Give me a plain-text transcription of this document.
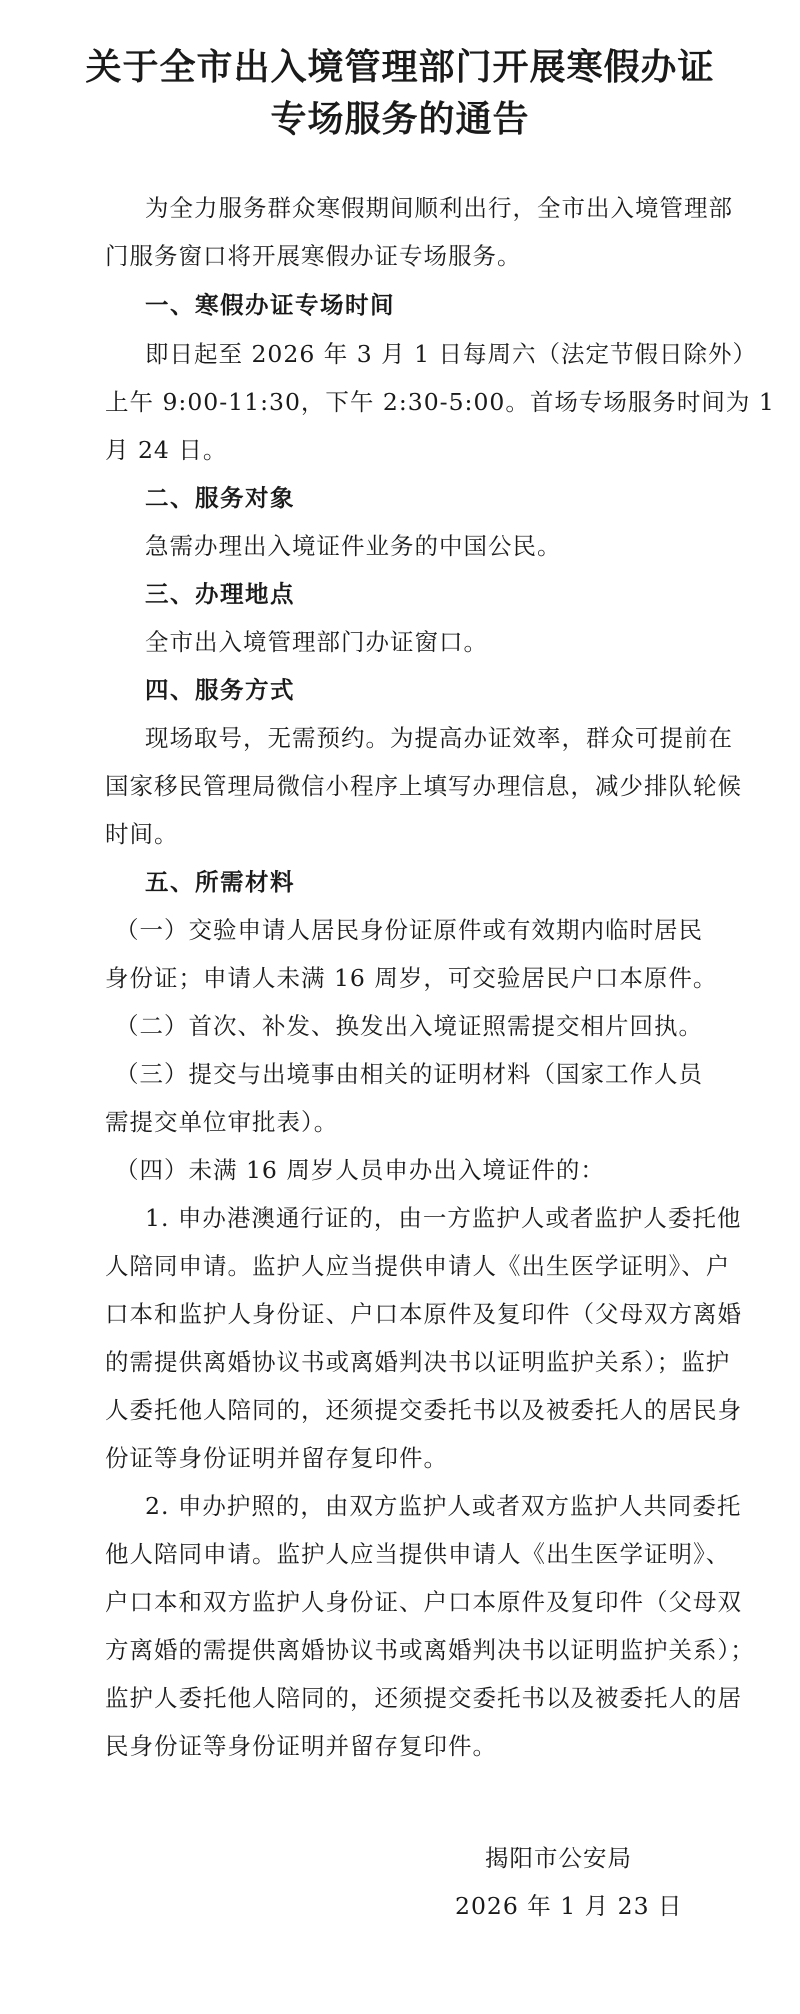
关于全市出入境管理部门开展寒假办证
专场服务的通告
为全力服务群众寒假期间顺利出行，全市出入境管理部
门服务窗口将开展寒假办证专场服务。
一、寒假办证专场时间
即日起至 2026 年 3 月 1 日每周六（法定节假日除外）
上午 9:00-11:30，下午 2:30-5:00。首场专场服务时间为 1
月 24 日。
二、服务对象
急需办理出入境证件业务的中国公民。
三、办理地点
全市出入境管理部门办证窗口。
四、服务方式
现场取号，无需预约。为提高办证效率，群众可提前在
国家移民管理局微信小程序上填写办理信息，减少排队轮候
时间。
五、所需材料
（一）交验申请人居民身份证原件或有效期内临时居民
身份证；申请人未满 16 周岁，可交验居民户口本原件。
（二）首次、补发、换发出入境证照需提交相片回执。
（三）提交与出境事由相关的证明材料（国家工作人员
需提交单位审批表）。
（四）未满 16 周岁人员申办出入境证件的：
1. 申办港澳通行证的，由一方监护人或者监护人委托他
人陪同申请。监护人应当提供申请人《出生医学证明》、户
口本和监护人身份证、户口本原件及复印件（父母双方离婚
的需提供离婚协议书或离婚判决书以证明监护关系）；监护
人委托他人陪同的，还须提交委托书以及被委托人的居民身
份证等身份证明并留存复印件。
2. 申办护照的，由双方监护人或者双方监护人共同委托
他人陪同申请。监护人应当提供申请人《出生医学证明》、
户口本和双方监护人身份证、户口本原件及复印件（父母双
方离婚的需提供离婚协议书或离婚判决书以证明监护关系）；
监护人委托他人陪同的，还须提交委托书以及被委托人的居
民身份证等身份证明并留存复印件。
揭阳市公安局
2026 年 1 月 23 日
